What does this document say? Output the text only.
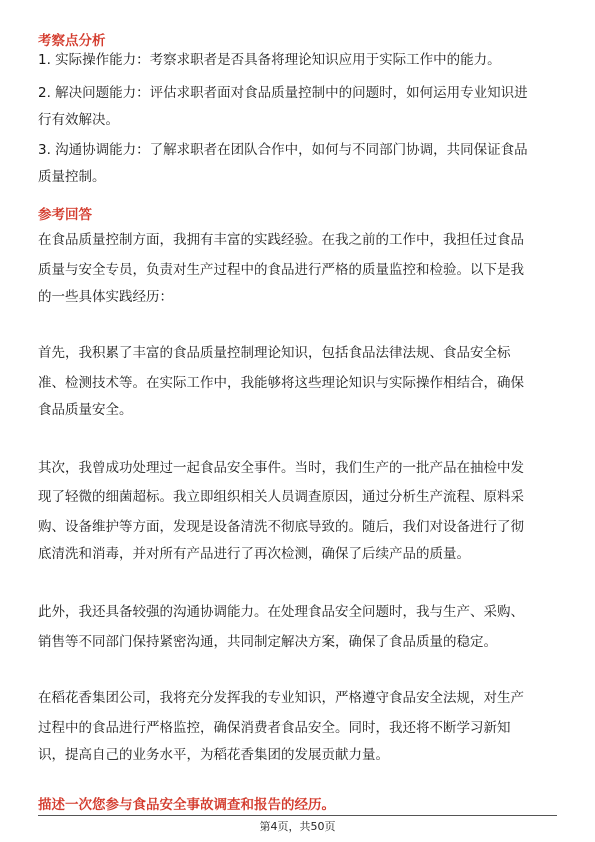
考察点分析
1. 实际操作能力：考察求职者是否具备将理论知识应用于实际工作中的能力。
2. 解决问题能力：评估求职者面对食品质量控制中的问题时，如何运用专业知识进
行有效解决。
3. 沟通协调能力：了解求职者在团队合作中，如何与不同部门协调，共同保证食品
质量控制。
参考回答
在食品质量控制方面，我拥有丰富的实践经验。在我之前的工作中，我担任过食品
质量与安全专员，负责对生产过程中的食品进行严格的质量监控和检验。以下是我
的一些具体实践经历：
首先，我积累了丰富的食品质量控制理论知识，包括食品法律法规、食品安全标
准、检测技术等。在实际工作中，我能够将这些理论知识与实际操作相结合，确保
食品质量安全。
其次，我曾成功处理过一起食品安全事件。当时，我们生产的一批产品在抽检中发
现了轻微的细菌超标。我立即组织相关人员调查原因，通过分析生产流程、原料采
购、设备维护等方面，发现是设备清洗不彻底导致的。随后，我们对设备进行了彻
底清洗和消毒，并对所有产品进行了再次检测，确保了后续产品的质量。
此外，我还具备较强的沟通协调能力。在处理食品安全问题时，我与生产、采购、
销售等不同部门保持紧密沟通，共同制定解决方案，确保了食品质量的稳定。
在稻花香集团公司，我将充分发挥我的专业知识，严格遵守食品安全法规，对生产
过程中的食品进行严格监控，确保消费者食品安全。同时，我还将不断学习新知
识，提高自己的业务水平，为稻花香集团的发展贡献力量。
描述一次您参与食品安全事故调查和报告的经历。
第4页，共50页
